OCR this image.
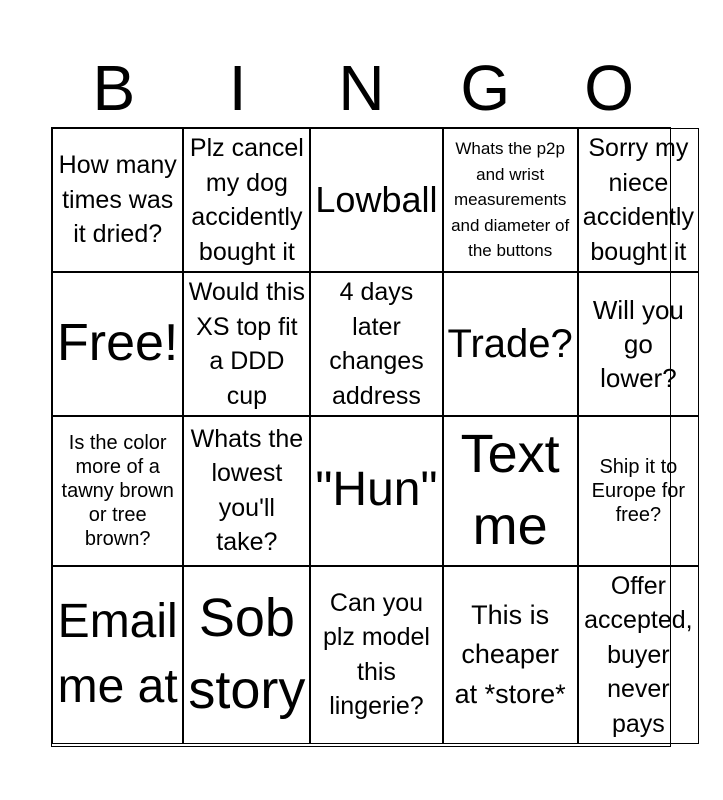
B	I	N	G	O
How many times was it dried?
Plz cancel my dog accidently bought it
Lowball
Whats the p2p and wrist measurements and diameter of the buttons
Sorry my niece accidently bought it
Free!
Would this XS top fit a DDD cup
4 days later changes address
Trade?
Will you go lower?
Is the color more of a tawny brown or tree brown?
Whats the lowest you'll take?
"Hun"
Text me
Ship it to Europe for free?
Email me at
Sob story
Can you plz model this lingerie?
This is cheaper at *store*
Offer accepted, buyer never pays
